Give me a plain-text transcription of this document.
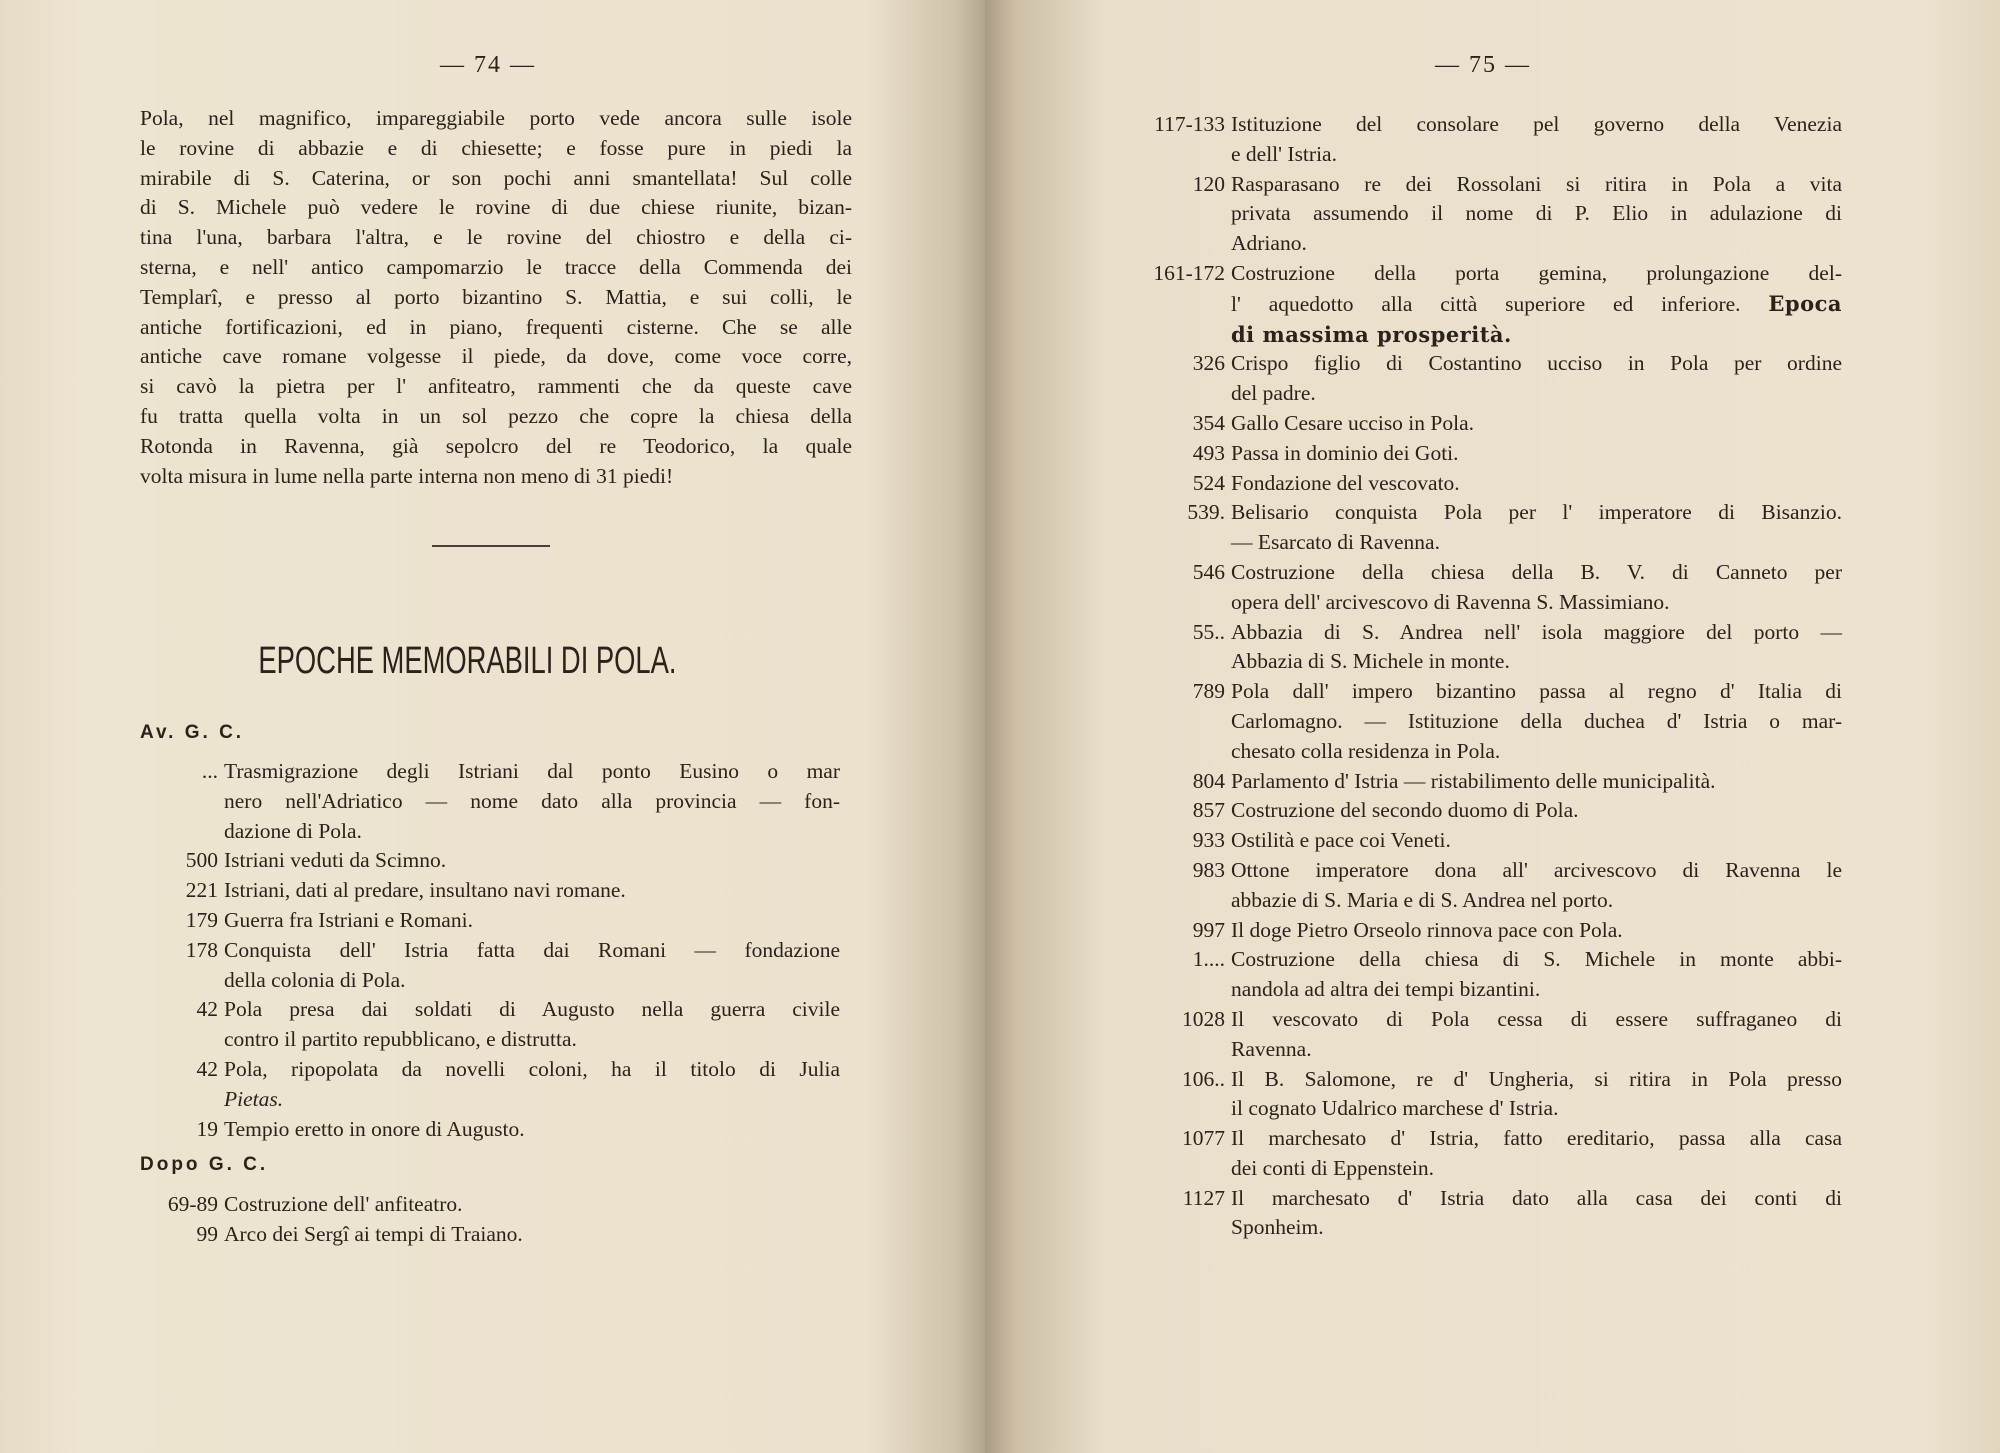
— 74 —
Pola, nel magnifico, impareggiabile porto vede ancora sulle isole
le rovine di abbazie e di chiesette; e fosse pure in piedi la
mirabile di S. Caterina, or son pochi anni smantellata! Sul colle
di S. Michele può vedere le rovine di due chiese riunite, bizan-
tina l'una, barbara l'altra, e le rovine del chiostro e della ci-
sterna, e nell' antico campomarzio le tracce della Commenda dei
Templarî, e presso al porto bizantino S. Mattia, e sui colli, le
antiche fortificazioni, ed in piano, frequenti cisterne. Che se alle
antiche cave romane volgesse il piede, da dove, come voce corre,
si cavò la pietra per l' anfiteatro, rammenti che da queste cave
fu tratta quella volta in un sol pezzo che copre la chiesa della
Rotonda in Ravenna, già sepolcro del re Teodorico, la quale
volta misura in lume nella parte interna non meno di 31 piedi!
EPOCHE MEMORABILI DI POLA.
Av. G. C.
... Trasmigrazione degli Istriani dal ponto Eusino o mar
nero nell'Adriatico — nome dato alla provincia — fon-
dazione di Pola.
500 Istriani veduti da Scimno.
221 Istriani, dati al predare, insultano navi romane.
179 Guerra fra Istriani e Romani.
178 Conquista dell' Istria fatta dai Romani — fondazione
della colonia di Pola.
42 Pola presa dai soldati di Augusto nella guerra civile
contro il partito repubblicano, e distrutta.
42 Pola, ripopolata da novelli coloni, ha il titolo di Julia
Pietas.
19 Tempio eretto in onore di Augusto.
Dopo G. C.
69-89 Costruzione dell' anfiteatro.
99 Arco dei Sergî ai tempi di Traiano.
— 75 —
117-133 Istituzione del consolare pel governo della Venezia
e dell' Istria.
120 Rasparasano re dei Rossolani si ritira in Pola a vita
privata assumendo il nome di P. Elio in adulazione di
Adriano.
161-172 Costruzione della porta gemina, prolungazione del-
l' aquedotto alla città superiore ed inferiore. Epoca
di massima prosperità.
326 Crispo figlio di Costantino ucciso in Pola per ordine
del padre.
354 Gallo Cesare ucciso in Pola.
493 Passa in dominio dei Goti.
524 Fondazione del vescovato.
539. Belisario conquista Pola per l' imperatore di Bisanzio.
— Esarcato di Ravenna.
546 Costruzione della chiesa della B. V. di Canneto per
opera dell' arcivescovo di Ravenna S. Massimiano.
55.. Abbazia di S. Andrea nell' isola maggiore del porto —
Abbazia di S. Michele in monte.
789 Pola dall' impero bizantino passa al regno d' Italia di
Carlomagno. — Istituzione della duchea d' Istria o mar-
chesato colla residenza in Pola.
804 Parlamento d' Istria — ristabilimento delle municipalità.
857 Costruzione del secondo duomo di Pola.
933 Ostilità e pace coi Veneti.
983 Ottone imperatore dona all' arcivescovo di Ravenna le
abbazie di S. Maria e di S. Andrea nel porto.
997 Il doge Pietro Orseolo rinnova pace con Pola.
1.... Costruzione della chiesa di S. Michele in monte abbi-
nandola ad altra dei tempi bizantini.
1028 Il vescovato di Pola cessa di essere suffraganeo di
Ravenna.
106.. Il B. Salomone, re d' Ungheria, si ritira in Pola presso
il cognato Udalrico marchese d' Istria.
1077 Il marchesato d' Istria, fatto ereditario, passa alla casa
dei conti di Eppenstein.
1127 Il marchesato d' Istria dato alla casa dei conti di
Sponheim.
